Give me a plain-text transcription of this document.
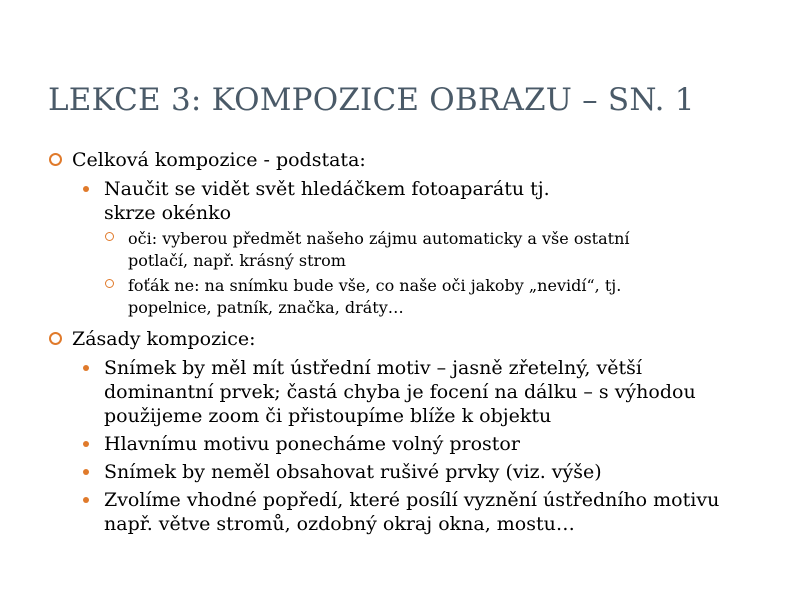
LEKCE 3: KOMPOZICE OBRAZU – SN. 1
Celková kompozice - podstata:
Naučit se vidět svět hledáčkem fotoaparátu tj. skrze okénko
oči: vyberou předmět našeho zájmu automaticky a vše ostatní potlačí, např. krásný strom
foťák ne: na snímku bude vše, co naše oči jakoby „nevidí“, tj. popelnice, patník, značka, dráty…
Zásady kompozice:
Snímek by měl mít ústřední motiv – jasně zřetelný, větší dominantní prvek; častá chyba je focení na dálku – s výhodou použijeme zoom či přistoupíme blíže k objektu
Hlavnímu motivu ponecháme volný prostor
Snímek by neměl obsahovat rušivé prvky (viz. výše)
Zvolíme vhodné popředí, které posílí vyznění ústředního motivu např. větve stromů, ozdobný okraj okna, mostu…
